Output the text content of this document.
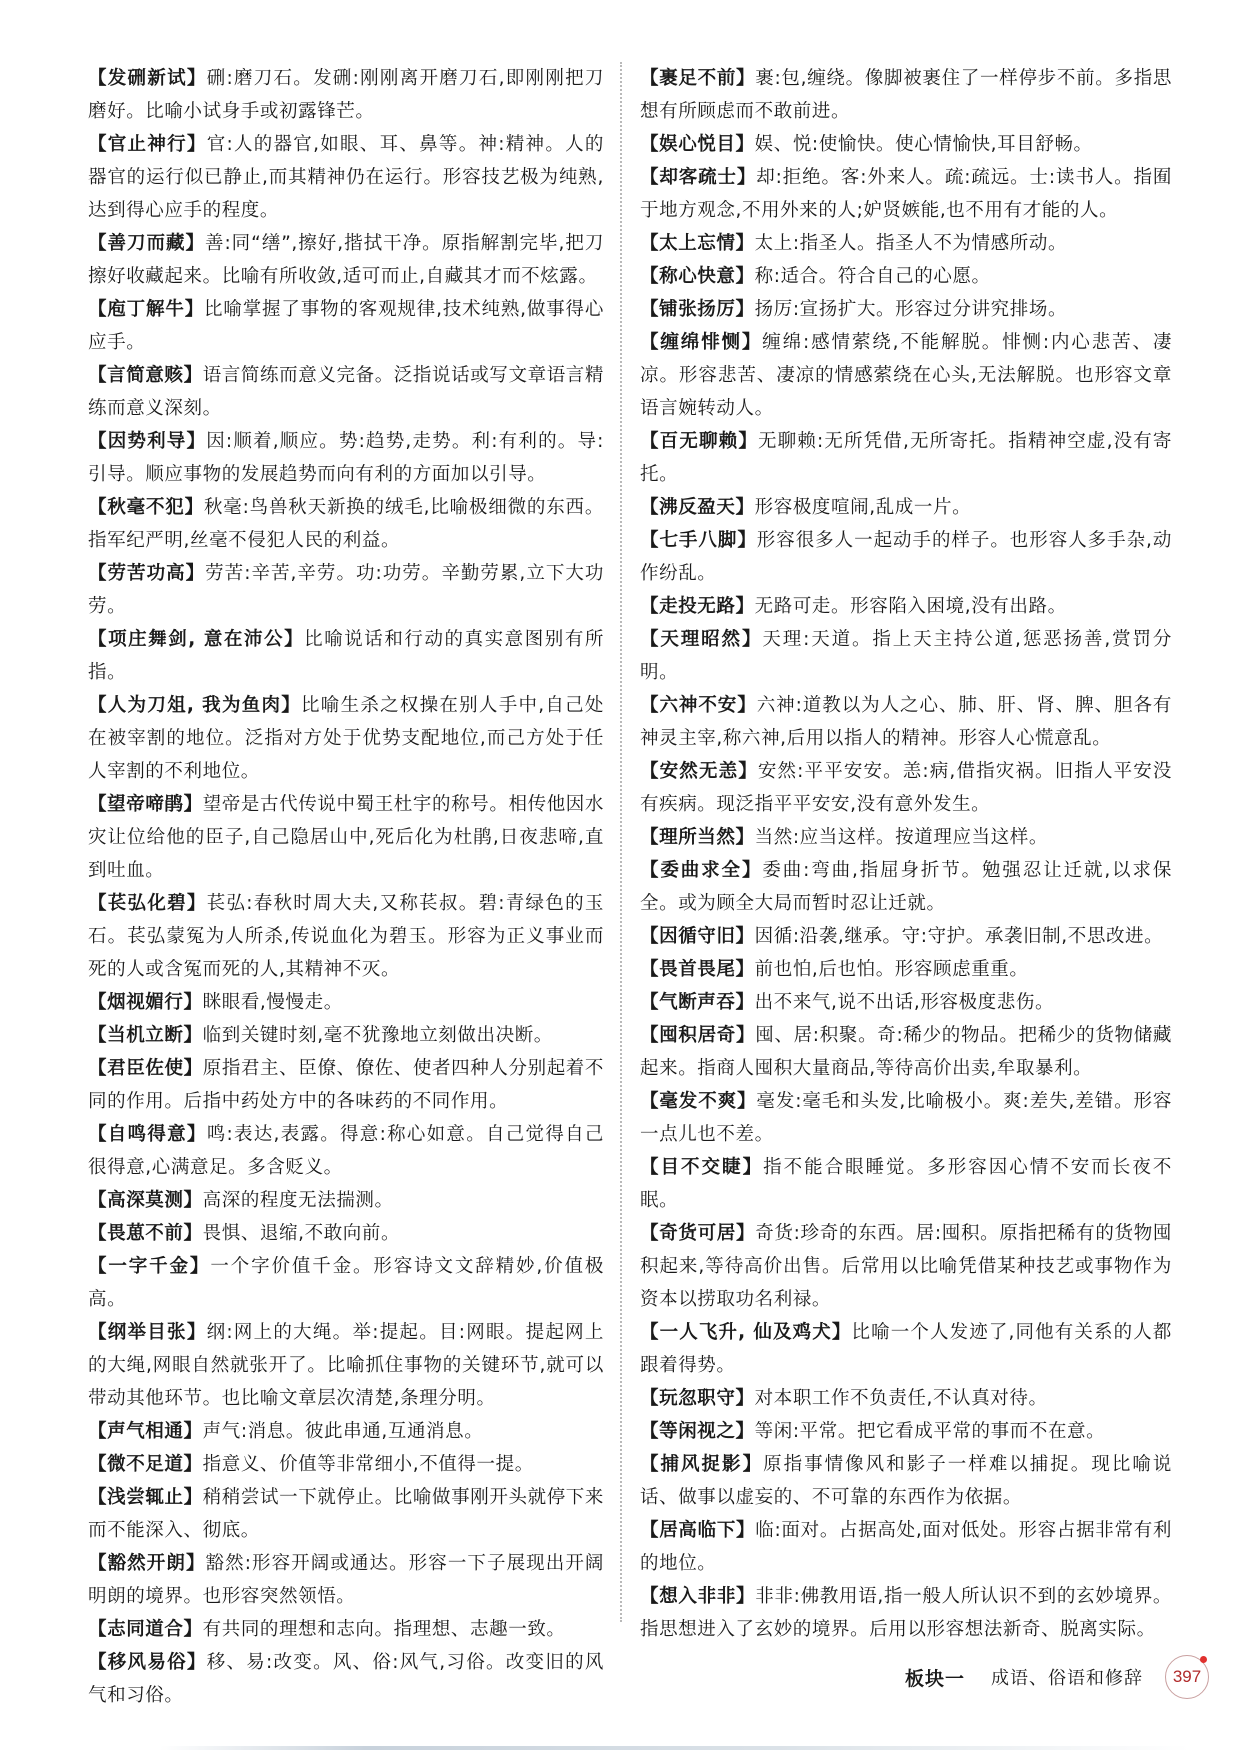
【发硎新试】硎:磨刀石。发硎:刚刚离开磨刀石,即刚刚把刀磨好。比喻小试身手或初露锋芒。

【官止神行】官:人的器官,如眼、耳、鼻等。神:精神。人的器官的运行似已静止,而其精神仍在运行。形容技艺极为纯熟,达到得心应手的程度。

【善刀而藏】善:同“缮”,擦好,揩拭干净。原指解割完毕,把刀擦好收藏起来。比喻有所收敛,适可而止,自藏其才而不炫露。

【庖丁解牛】比喻掌握了事物的客观规律,技术纯熟,做事得心应手。

【言简意赅】语言简练而意义完备。泛指说话或写文章语言精练而意义深刻。

【因势利导】因:顺着,顺应。势:趋势,走势。利:有利的。导:引导。顺应事物的发展趋势而向有利的方面加以引导。

【秋毫不犯】秋毫:鸟兽秋天新换的绒毛,比喻极细微的东西。指军纪严明,丝毫不侵犯人民的利益。

【劳苦功高】劳苦:辛苦,辛劳。功:功劳。辛勤劳累,立下大功劳。

【项庄舞剑, 意在沛公】比喻说话和行动的真实意图别有所指。

【人为刀俎, 我为鱼肉】比喻生杀之权操在别人手中,自己处在被宰割的地位。泛指对方处于优势支配地位,而己方处于任人宰割的不利地位。

【望帝啼鹃】望帝是古代传说中蜀王杜宇的称号。相传他因水灾让位给他的臣子,自己隐居山中,死后化为杜鹃,日夜悲啼,直到吐血。

【苌弘化碧】苌弘:春秋时周大夫,又称苌叔。碧:青绿色的玉石。苌弘蒙冤为人所杀,传说血化为碧玉。形容为正义事业而死的人或含冤而死的人,其精神不灭。

【烟视媚行】眯眼看,慢慢走。

【当机立断】临到关键时刻,毫不犹豫地立刻做出决断。

【君臣佐使】原指君主、臣僚、僚佐、使者四种人分别起着不同的作用。后指中药处方中的各味药的不同作用。

【自鸣得意】鸣:表达,表露。得意:称心如意。自己觉得自己很得意,心满意足。多含贬义。

【高深莫测】高深的程度无法揣测。

【畏葸不前】畏惧、退缩,不敢向前。

【一字千金】一个字价值千金。形容诗文文辞精妙,价值极高。

【纲举目张】纲:网上的大绳。举:提起。目:网眼。提起网上的大绳,网眼自然就张开了。比喻抓住事物的关键环节,就可以带动其他环节。也比喻文章层次清楚,条理分明。

【声气相通】声气:消息。彼此串通,互通消息。

【微不足道】指意义、价值等非常细小,不值得一提。

【浅尝辄止】稍稍尝试一下就停止。比喻做事刚开头就停下来而不能深入、彻底。

【豁然开朗】豁然:形容开阔或通达。形容一下子展现出开阔明朗的境界。也形容突然领悟。

【志同道合】有共同的理想和志向。指理想、志趣一致。

【移风易俗】移、易:改变。风、俗:风气,习俗。改变旧的风气和习俗。

【裹足不前】裹:包,缠绕。像脚被裹住了一样停步不前。多指思想有所顾虑而不敢前进。

【娱心悦目】娱、悦:使愉快。使心情愉快,耳目舒畅。

【却客疏士】却:拒绝。客:外来人。疏:疏远。士:读书人。指囿于地方观念,不用外来的人;妒贤嫉能,也不用有才能的人。

【太上忘情】太上:指圣人。指圣人不为情感所动。

【称心快意】称:适合。符合自己的心愿。

【铺张扬厉】扬厉:宣扬扩大。形容过分讲究排场。

【缠绵悱恻】缠绵:感情萦绕,不能解脱。悱恻:内心悲苦、凄凉。形容悲苦、凄凉的情感萦绕在心头,无法解脱。也形容文章语言婉转动人。

【百无聊赖】无聊赖:无所凭借,无所寄托。指精神空虚,没有寄托。

【沸反盈天】形容极度喧闹,乱成一片。

【七手八脚】形容很多人一起动手的样子。也形容人多手杂,动作纷乱。

【走投无路】无路可走。形容陷入困境,没有出路。

【天理昭然】天理:天道。指上天主持公道,惩恶扬善,赏罚分明。

【六神不安】六神:道教以为人之心、肺、肝、肾、脾、胆各有神灵主宰,称六神,后用以指人的精神。形容人心慌意乱。

【安然无恙】安然:平平安安。恙:病,借指灾祸。旧指人平安没有疾病。现泛指平平安安,没有意外发生。

【理所当然】当然:应当这样。按道理应当这样。

【委曲求全】委曲:弯曲,指屈身折节。勉强忍让迁就,以求保全。或为顾全大局而暂时忍让迁就。

【因循守旧】因循:沿袭,继承。守:守护。承袭旧制,不思改进。

【畏首畏尾】前也怕,后也怕。形容顾虑重重。

【气断声吞】出不来气,说不出话,形容极度悲伤。

【囤积居奇】囤、居:积聚。奇:稀少的物品。把稀少的货物储藏起来。指商人囤积大量商品,等待高价出卖,牟取暴利。

【毫发不爽】毫发:毫毛和头发,比喻极小。爽:差失,差错。形容一点儿也不差。

【目不交睫】指不能合眼睡觉。多形容因心情不安而长夜不眠。

【奇货可居】奇货:珍奇的东西。居:囤积。原指把稀有的货物囤积起来,等待高价出售。后常用以比喻凭借某种技艺或事物作为资本以捞取功名利禄。

【一人飞升, 仙及鸡犬】比喻一个人发迹了,同他有关系的人都跟着得势。

【玩忽职守】对本职工作不负责任,不认真对待。

【等闲视之】等闲:平常。把它看成平常的事而不在意。

【捕风捉影】原指事情像风和影子一样难以捕捉。现比喻说话、做事以虚妄的、不可靠的东西作为依据。

【居高临下】临:面对。占据高处,面对低处。形容占据非常有利的地位。

【想入非非】非非:佛教用语,指一般人所认识不到的玄妙境界。指思想进入了玄妙的境界。后用以形容想法新奇、脱离实际。

板块一 成语、俗语和修辞 397
